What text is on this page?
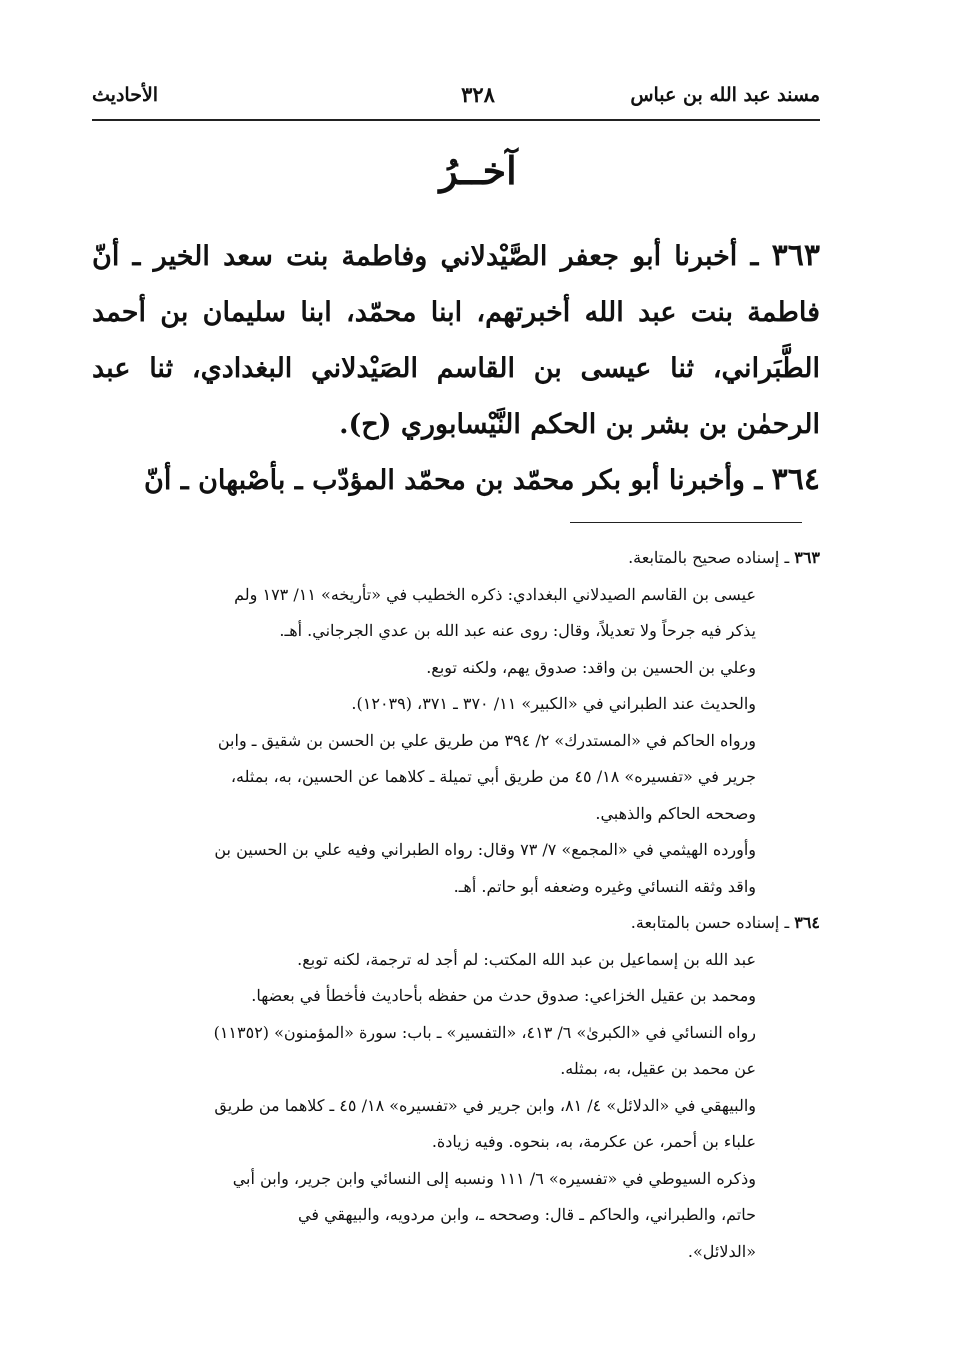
مسند عبد الله بن عباس
٣٢٨
الأحاديث
آخــرُ

٣٦٣ ـ أخبرنا أبو جعفر الصَّيْدلاني وفاطمة بنت سعد الخير ـ أنّ فاطمة بنت عبد الله أخبرتهم، ابنا محمّد، ابنا سليمان بن أحمد الطَّبَراني، ثنا عيسى بن القاسم الصَيْدلاني البغدادي، ثنا عبد الرحمٰن بن بشر بن الحكم النَّيْسابوري (ح).

٣٦٤ ـ وأخبرنا أبو بكر محمّد بن محمّد المؤدّب ـ بأصْبهان ـ أنّ

٣٦٣ ـ إسناده صحيح بالمتابعة.

عيسى بن القاسم الصيدلاني البغدادي: ذكره الخطيب في «تأريخه» ١١/ ١٧٣ ولم

يذكر فيه جرحاً ولا تعديلاً، وقال: روى عنه عبد الله بن عدي الجرجاني. أهـ.

وعلي بن الحسين بن واقد: صدوق يهم، ولكنه توبع.

والحديث عند الطبراني في «الكبير» ١١/ ٣٧٠ ـ ٣٧١، (١٢٠٣٩).

ورواه الحاكم في «المستدرك» ٢/ ٣٩٤ من طريق علي بن الحسن بن شقيق ـ وابن

جرير في «تفسيره» ١٨/ ٤٥ من طريق أبي تميلة ـ كلاهما عن الحسين، به، بمثله،

وصححه الحاكم والذهبي.

وأورده الهيثمي في «المجمع» ٧/ ٧٣ وقال: رواه الطبراني وفيه علي بن الحسين بن

واقد وثقه النسائي وغيره وضعفه أبو حاتم. أهـ.

٣٦٤ ـ إسناده حسن بالمتابعة.

عبد الله بن إسماعيل بن عبد الله المكتب: لم أجد له ترجمة، لكنه توبع.

ومحمد بن عقيل الخزاعي: صدوق حدث من حفظه بأحاديث فأخطأ في بعضها.

رواه النسائي في «الكبرىٰ» ٦/ ٤١٣، «التفسير» ـ باب: سورة «المؤمنون» (١١٣٥٢)

عن محمد بن عقيل، به، بمثله.

والبيهقي في «الدلائل» ٤/ ٨١، وابن جرير في «تفسيره» ١٨/ ٤٥ ـ كلاهما من طريق

علباء بن أحمر، عن عكرمة، به، بنحوه. وفيه زيادة.

وذكره السيوطي في «تفسيره» ٦/ ١١١ ونسبه إلى النسائي وابن جرير، وابن أبي

حاتم، والطبراني، والحاكم ـ قال: وصححه ـ، وابن مردويه، والبيهقي في

«الدلائل».
